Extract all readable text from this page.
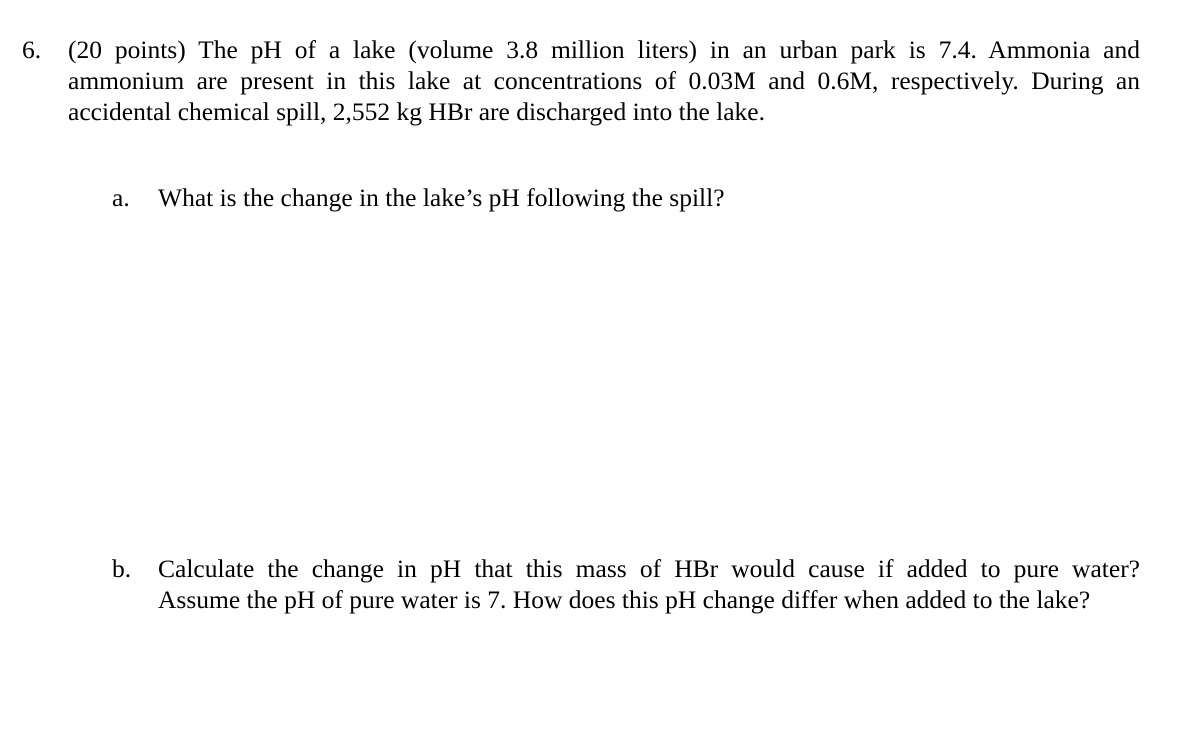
6.	(20 points) The pH of a lake (volume 3.8 million liters) in an urban park is 7.4. Ammonia and
ammonium are present in this lake at concentrations of 0.03M and 0.6M, respectively. During an
accidental chemical spill, 2,552 kg HBr are discharged into the lake.
a.	What is the change in the lake’s pH following the spill?
b.	Calculate the change in pH that this mass of HBr would cause if added to pure water?
Assume the pH of pure water is 7. How does this pH change differ when added to the lake?
